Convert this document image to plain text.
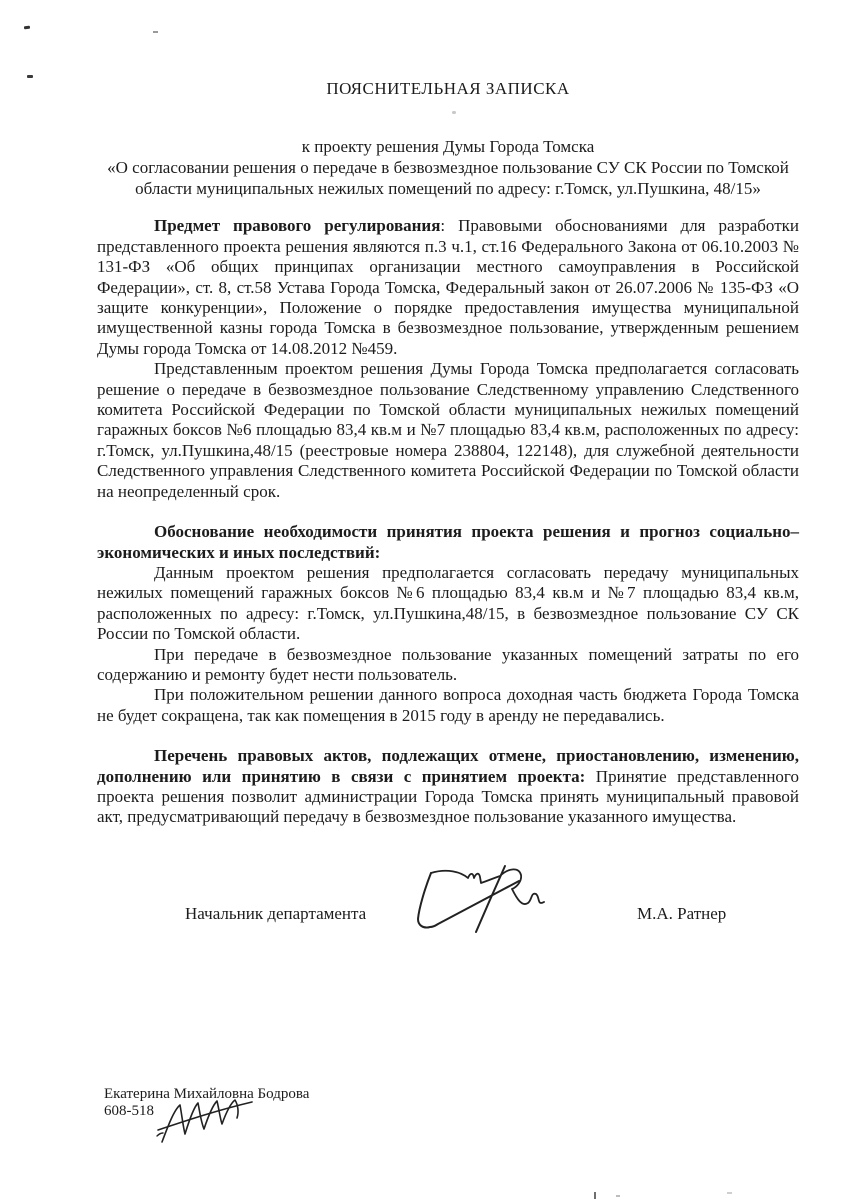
ПОЯСНИТЕЛЬНАЯ ЗАПИСКА
к проекту решения Думы Города Томска
«О согласовании решения о передаче в безвозмездное пользование СУ СК России по Томской области муниципальных нежилых помещений по адресу: г.Томск, ул.Пушкина, 48/15»

Предмет правового регулирования: Правовыми обоснованиями для разработки представленного проекта решения являются п.3 ч.1, ст.16 Федерального Закона от 06.10.2003 № 131-ФЗ «Об общих принципах организации местного самоуправления в Российской Федерации», ст. 8, ст.58 Устава Города Томска, Федеральный закон от 26.07.2006 № 135-ФЗ «О защите конкуренции», Положение о порядке предоставления имущества муниципальной имущественной казны города Томска в безвозмездное пользование, утвержденным решением Думы города Томска от 14.08.2012 №459.

Представленным проектом решения Думы Города Томска предполагается согласовать решение о передаче в безвозмездное пользование Следственному управлению Следственного комитета Российской Федерации по Томской области муниципальных нежилых помещений гаражных боксов №6 площадью 83,4 кв.м и №7 площадью 83,4 кв.м, расположенных по адресу: г.Томск, ул.Пушкина,48/15 (реестровые номера 238804, 122148), для служебной деятельности Следственного управления Следственного комитета Российской Федерации по Томской области на неопределенный срок.

Обоснование необходимости принятия проекта решения и прогноз социально–экономических и иных последствий:

Данным проектом решения предполагается согласовать передачу муниципальных нежилых помещений гаражных боксов №6 площадью 83,4 кв.м и №7 площадью 83,4 кв.м, расположенных по адресу: г.Томск, ул.Пушкина,48/15, в безвозмездное пользование СУ СК России по Томской области.

При передаче в безвозмездное пользование указанных помещений затраты по его содержанию и ремонту будет нести пользователь.

При положительном решении данного вопроса доходная часть бюджета Города Томска не будет сокращена, так как помещения в 2015 году в аренду не передавались.

Перечень правовых актов, подлежащих отмене, приостановлению, изменению, дополнению или принятию в связи с принятием проекта: Принятие представленного проекта решения позволит администрации Города Томска принять муниципальный правовой акт, предусматривающий передачу в безвозмездное пользование указанного имущества.

Начальник департамента	М.А. Ратнер
Екатерина Михайловна Бодрова
608-518
